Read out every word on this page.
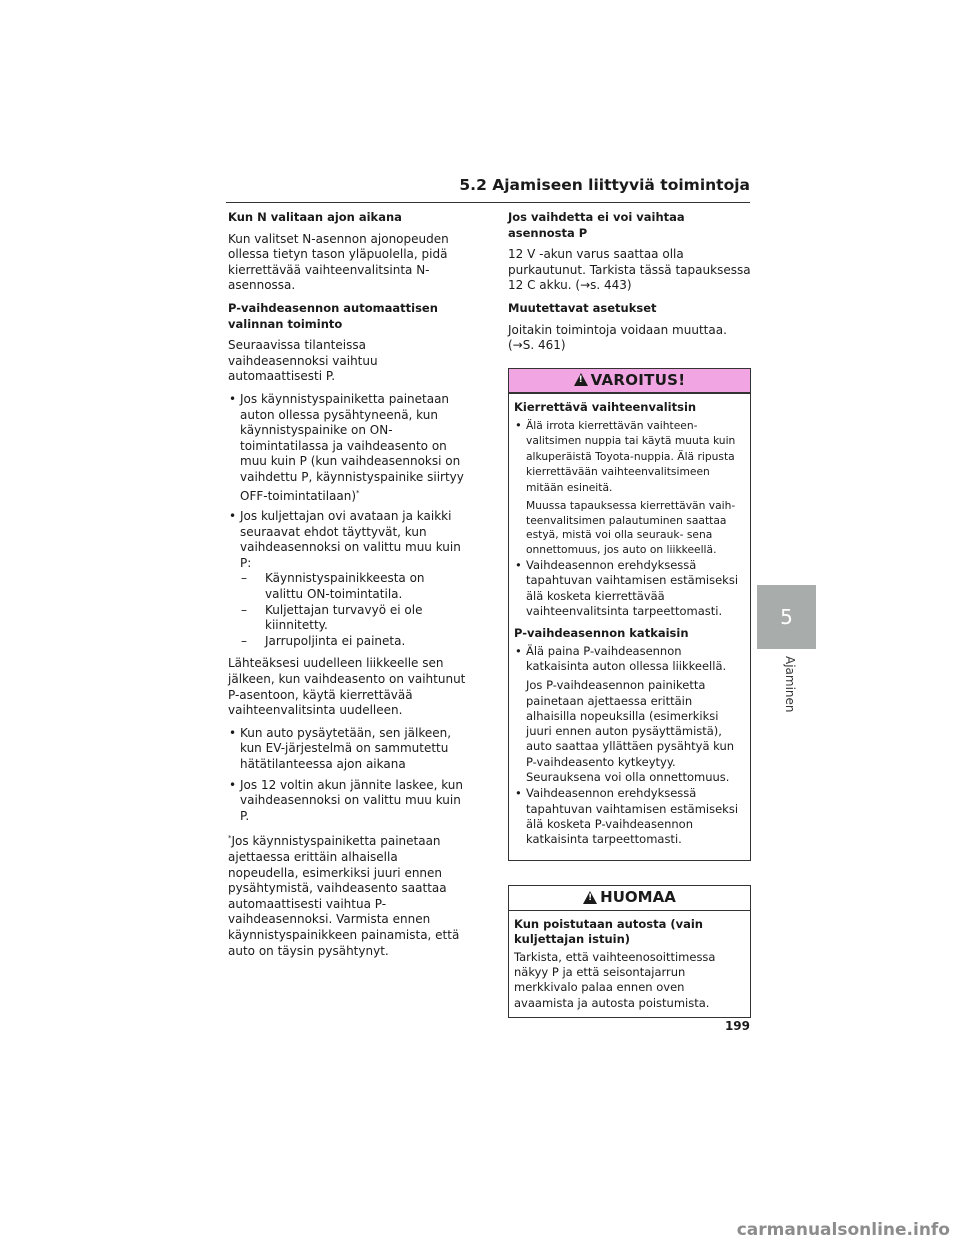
5.2 Ajamiseen liittyviä toimintoja
5
Ajaminen
Kun N valitaan ajon aikana
Kun valitset N-asennon ajonopeuden ollessa tietyn tason yläpuolella, pidä kierrettävää vaihteenvalitsinta N-asennossa.
P-vaihdeasennon automaattisen valinnan toiminto
Seuraavissa tilanteissa vaihdeasennoksi vaihtuu automaattisesti P.
• Jos käynnistyspainiketta painetaan auton ollessa pysähtyneenä, kun käynnistyspainike on ON-toimintatilassa ja vaihdeasento on muu kuin P (kun vaihdeasennoksi on vaihdettu P, käynnistyspainike siirtyy OFF-toimintatilaan)*
• Jos kuljettajan ovi avataan ja kaikki seuraavat ehdot täyttyvät, kun vaihdeasennoksi on valittu muu kuin P:
– Käynnistyspainikkeesta on valittu ON-toimintatila.
– Kuljettajan turvavyö ei ole kiinnitetty.
– Jarrupoljinta ei paineta.
Lähteäksesi uudelleen liikkeelle sen jälkeen, kun vaihdeasento on vaihtunut P-asentoon, käytä kierrettävää vaihteenvalitsinta uudelleen.
• Kun auto pysäytetään, sen jälkeen, kun EV-järjestelmä on sammutettu hätätilanteessa ajon aikana
• Jos 12 voltin akun jännite laskee, kun vaihdeasennoksi on valittu muu kuin P.
*Jos käynnistyspainiketta painetaan ajettaessa erittäin alhaisella nopeudella, esimerkiksi juuri ennen pysähtymistä, vaihdeasento saattaa automaattisesti vaihtua P-vaihdeasennoksi. Varmista ennen käynnistyspainikkeen painamista, että auto on täysin pysähtynyt.
Jos vaihdetta ei voi vaihtaa asennosta P
12 V -akun varus saattaa olla purkautunut. Tarkista tässä tapauksessa 12 C akku. (→s. 443)
Muutettavat asetukset
Joitakin toimintoja voidaan muuttaa. (→S. 461)
!
VAROITUS!
Kierrettävä vaihteenvalitsin
• Älä irrota kierrettävän vaihteen-valitsimen nuppia tai käytä muuta kuin alkuperäistä Toyota-nuppia. Älä ripusta kierrettävään vaihteenvalitsimeen mitään esineitä.
Muussa tapauksessa kierrettävän vaih-teenvalitsimen palautuminen saattaa estyä, mistä voi olla seurauk- sena onnettomuus, jos auto on liikkeellä.
• Vaihdeasennon erehdyksessä tapahtuvan vaihtamisen estämiseksi älä kosketa kierrettävää vaihteenvalitsinta tarpeettomasti.
P-vaihdeasennon katkaisin
• Älä paina P-vaihdeasennon katkaisinta auton ollessa liikkeellä.
Jos P-vaihdeasennon painiketta painetaan ajettaessa erittäin alhaisilla nopeuksilla (esimerkiksi juuri ennen auton pysäyttämistä), auto saattaa yllättäen pysähtyä kun P-vaihdeasento kytkeytyy. Seurauksena voi olla onnettomuus.
• Vaihdeasennon erehdyksessä tapahtuvan vaihtamisen estämiseksi älä kosketa P-vaihdeasennon katkaisinta tarpeettomasti.
!
HUOMAA
Kun poistutaan autosta (vain kuljettajan istuin)
Tarkista, että vaihteenosoittimessa näkyy P ja että seisontajarrun merkkivalo palaa ennen oven avaamista ja autosta poistumista.
199
carmanualsonline.info
